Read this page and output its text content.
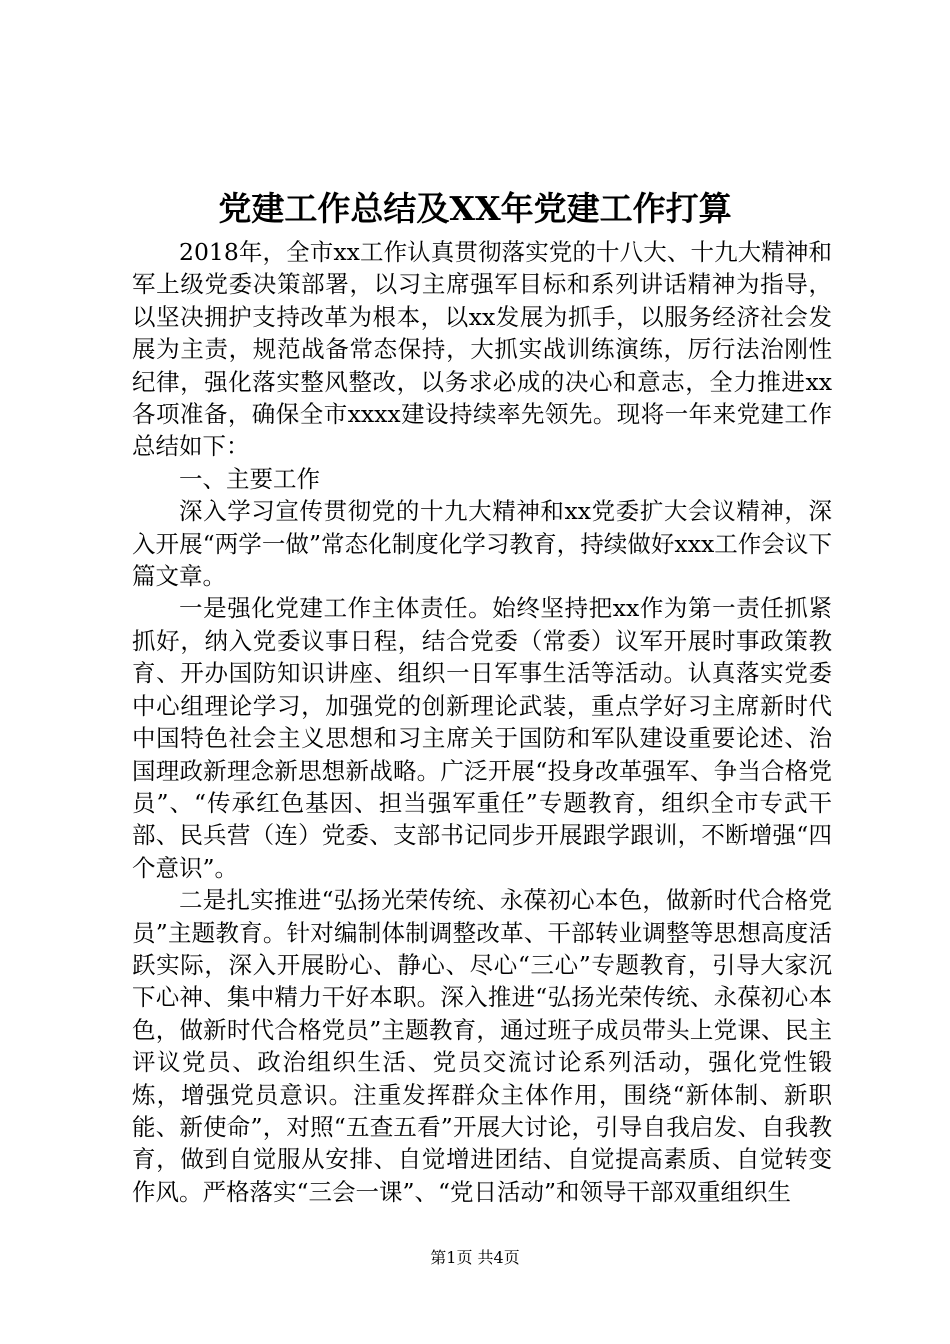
党建工作总结及XX年党建工作打算

2018年，全市xx工作认真贯彻落实党的十八大、十九大精神和军上级党委决策部署，以习主席强军目标和系列讲话精神为指导，以坚决拥护支持改革为根本，以xx发展为抓手，以服务经济社会发展为主责，规范战备常态保持，大抓实战训练演练，厉行法治刚性纪律，强化落实整风整改，以务求必成的决心和意志，全力推进xx各项准备，确保全市xxxx建设持续率先领先。现将一年来党建工作总结如下：

一、主要工作

深入学习宣传贯彻党的十九大精神和xx党委扩大会议精神，深入开展“两学一做”常态化制度化学习教育，持续做好xxx工作会议下篇文章。

一是强化党建工作主体责任。始终坚持把xx作为第一责任抓紧抓好，纳入党委议事日程，结合党委（常委）议军开展时事政策教育、开办国防知识讲座、组织一日军事生活等活动。认真落实党委中心组理论学习，加强党的创新理论武装，重点学好习主席新时代中国特色社会主义思想和习主席关于国防和军队建设重要论述、治国理政新理念新思想新战略。广泛开展“投身改革强军、争当合格党员”、“传承红色基因、担当强军重任”专题教育，组织全市专武干部、民兵营（连）党委、支部书记同步开展跟学跟训，不断增强“四个意识”。

二是扎实推进“弘扬光荣传统、永葆初心本色，做新时代合格党员”主题教育。针对编制体制调整改革、干部转业调整等思想高度活跃实际，深入开展盼心、静心、尽心“三心”专题教育，引导大家沉下心神、集中精力干好本职。深入推进“弘扬光荣传统、永葆初心本色，做新时代合格党员”主题教育，通过班子成员带头上党课、民主评议党员、政治组织生活、党员交流讨论系列活动，强化党性锻炼，增强党员意识。注重发挥群众主体作用，围绕“新体制、新职能、新使命”，对照“五查五看”开展大讨论，引导自我启发、自我教育，做到自觉服从安排、自觉增进团结、自觉提高素质、自觉转变作风。严格落实“三会一课”、“党日活动”和领导干部双重组织生

第1页 共4页
